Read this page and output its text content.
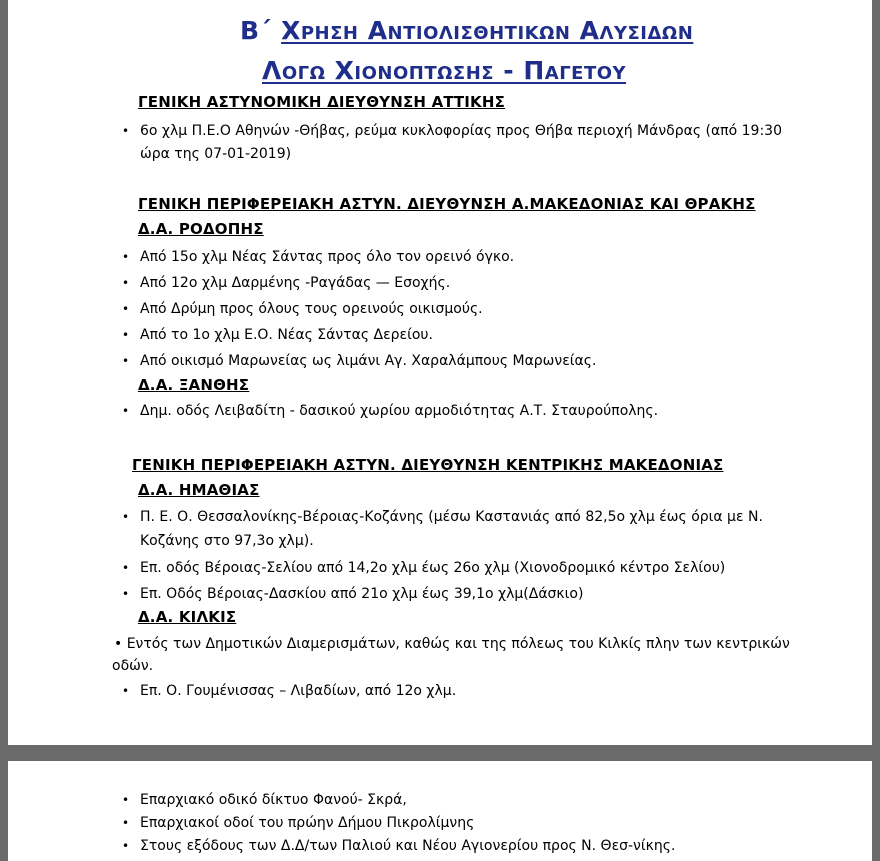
Β΄ Χρηση Αντιολισθητικων Αλυσιδων
Λογω Χιονοπτωσης - Παγετου
ΓΕΝΙΚΗ ΑΣΤΥΝΟΜΙΚΗ ΔΙΕΥΘΥΝΣΗ ΑΤΤΙΚΗΣ
• 6ο χλμ Π.Ε.Ο Αθηνών -Θήβας, ρεύμα κυκλοφορίας προς Θήβα περιοχή Μάνδρας (από 19:30
ώρα της 07-01-2019)
ΓΕΝΙΚΗ ΠΕΡΙΦΕΡΕΙΑΚΗ ΑΣΤΥΝ. ΔΙΕΥΘΥΝΣΗ Α.ΜΑΚΕΔΟΝΙΑΣ ΚΑΙ ΘΡΑΚΗΣ
Δ.Α. ΡΟΔΟΠΗΣ
• Από 15ο χλμ Νέας Σάντας προς όλο τον ορεινό όγκο.
• Από 12ο χλμ Δαρμένης -Ραγάδας — Εσοχής.
• Από Δρύμη προς όλους τους ορεινούς οικισμούς.
• Από το 1ο χλμ Ε.Ο. Νέας Σάντας Δερείου.
• Από οικισμό Μαρωνείας ως λιμάνι Αγ. Χαραλάμπους Μαρωνείας.
Δ.Α. ΞΑΝΘΗΣ
• Δημ. οδός Λειβαδίτη - δασικού χωρίου αρμοδιότητας Α.Τ. Σταυρούπολης.
ΓΕΝΙΚΗ ΠΕΡΙΦΕΡΕΙΑΚΗ ΑΣΤΥΝ. ΔΙΕΥΘΥΝΣΗ ΚΕΝΤΡΙΚΗΣ ΜΑΚΕΔΟΝΙΑΣ
Δ.Α. ΗΜΑΘΙΑΣ
• Π. Ε. Ο. Θεσσαλονίκης-Βέροιας-Κοζάνης (μέσω Καστανιάς από 82,5ο χλμ έως όρια με Ν.
Κοζάνης στο 97,3ο χλμ).
• Επ. οδός Βέροιας-Σελίου από 14,2ο χλμ έως 26ο χλμ (Χιονοδρομικό κέντρο Σελίου)
• Επ. Οδός Βέροιας-Δασκίου από 21ο χλμ έως 39,1ο χλμ(Δάσκιο)
Δ.Α. ΚΙΛΚΙΣ
• Εντός των Δημοτικών Διαμερισμάτων, καθώς και της πόλεως του Κιλκίς πλην των κεντρικών
οδών.
• Επ. Ο. Γουμένισσας – Λιβαδίων, από 12ο χλμ.
• Επαρχιακό οδικό δίκτυο Φανού- Σκρά,
• Επαρχιακοί οδοί του πρώην Δήμου Πικρολίμνης
• Στους εξόδους των Δ.Δ/των Παλιού και Νέου Αγιονερίου προς Ν. Θεσ-νίκης.
